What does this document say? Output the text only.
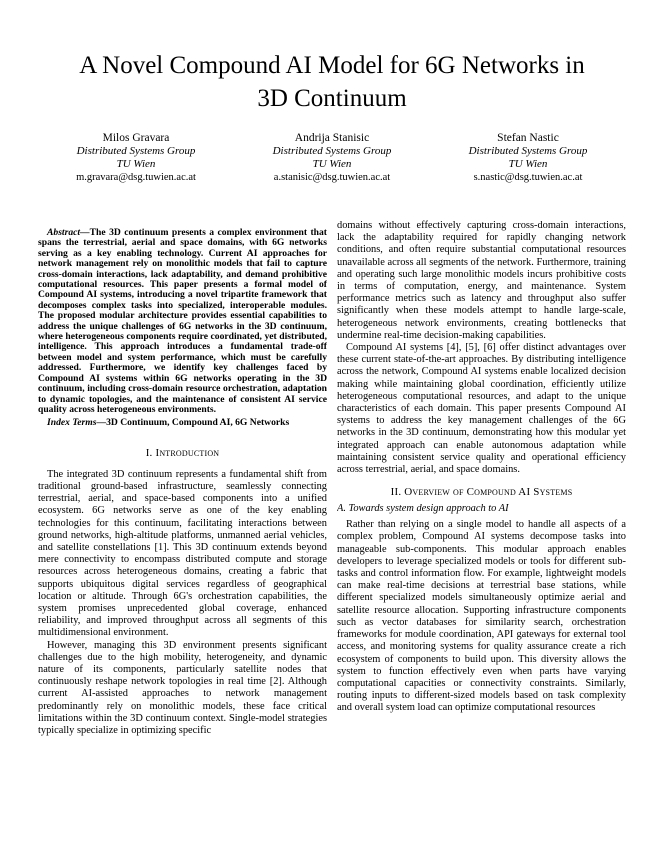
A Novel Compound AI Model for 6G Networks in
3D Continuum
Milos Gravara
Distributed Systems Group
TU Wien
m.gravara@dsg.tuwien.ac.at
Andrija Stanisic
Distributed Systems Group
TU Wien
a.stanisic@dsg.tuwien.ac.at
Stefan Nastic
Distributed Systems Group
TU Wien
s.nastic@dsg.tuwien.ac.at

Abstract—The 3D continuum presents a complex environment that spans the terrestrial, aerial and space domains, with 6G networks serving as a key enabling technology. Current AI approaches for network management rely on monolithic models that fail to capture cross-domain interactions, lack adaptability, and demand prohibitive computational resources. This paper presents a formal model of Compound AI systems, introducing a novel tripartite framework that decomposes complex tasks into specialized, interoperable modules. The proposed modular architecture provides essential capabilities to address the unique challenges of 6G networks in the 3D continuum, where heterogeneous components require coordinated, yet distributed, intelligence. This approach introduces a fundamental trade-off between model and system performance, which must be carefully addressed. Furthermore, we identify key challenges faced by Compound AI systems within 6G networks operating in the 3D continuum, including cross-domain resource orchestration, adaptation to dynamic topologies, and the maintenance of consistent AI service quality across heterogeneous environments.

Index Terms—3D Continuum, Compound AI, 6G Networks

I. Introduction

The integrated 3D continuum represents a fundamental shift from traditional ground-based infrastructure, seamlessly connecting terrestrial, aerial, and space-based components into a unified ecosystem. 6G networks serve as one of the key enabling technologies for this continuum, facilitating interactions between ground networks, high-altitude platforms, unmanned aerial vehicles, and satellite constellations [1]. This 3D continuum extends beyond mere connectivity to encompass distributed compute and storage resources across heterogeneous domains, creating a fabric that supports ubiquitous digital services regardless of geographical location or altitude. Through 6G's orchestration capabilities, the system promises unprecedented global coverage, enhanced reliability, and improved throughput across all segments of this multidimensional environment.

However, managing this 3D environment presents significant challenges due to the high mobility, heterogeneity, and dynamic nature of its components, particularly satellite nodes that continuously reshape network topologies in real time [2]. Although current AI-assisted approaches to network management predominantly rely on monolithic models, these face critical limitations within the 3D continuum context. Single-model strategies typically specialize in optimizing specific

domains without effectively capturing cross-domain interactions, lack the adaptability required for rapidly changing network conditions, and often require substantial computational resources unavailable across all segments of the network. Furthermore, training and operating such large monolithic models incurs prohibitive costs in terms of computation, energy, and maintenance. System performance metrics such as latency and throughput also suffer significantly when these models attempt to handle large-scale, heterogeneous network environments, creating bottlenecks that undermine real-time decision-making capabilities.

Compound AI systems [4], [5], [6] offer distinct advantages over these current state-of-the-art approaches. By distributing intelligence across the network, Compound AI systems enable localized decision making while maintaining global coordination, efficiently utilize heterogeneous computational resources, and adapt to the unique characteristics of each domain. This paper presents Compound AI systems to address the key management challenges of the 6G networks in the 3D continuum, demonstrating how this modular yet integrated approach can enable autonomous adaptation while maintaining consistent service quality and operational efficiency across terrestrial, aerial, and space domains.

II. Overview of Compound AI Systems
A. Towards system design approach to AI

Rather than relying on a single model to handle all aspects of a complex problem, Compound AI systems decompose tasks into manageable sub-components. This modular approach enables developers to leverage specialized models or tools for different sub-tasks and control information flow. For example, lightweight models can make real-time decisions at terrestrial base stations, while different specialized models simultaneously optimize aerial and satellite resource allocation. Supporting infrastructure components such as vector databases for similarity search, orchestration frameworks for module coordination, API gateways for external tool access, and monitoring systems for quality assurance create a rich ecosystem of components to build upon. This diversity allows the system to function effectively even when parts have varying computational capacities or connectivity constraints. Similarly, routing inputs to different-sized models based on task complexity and overall system load can optimize computational resources
